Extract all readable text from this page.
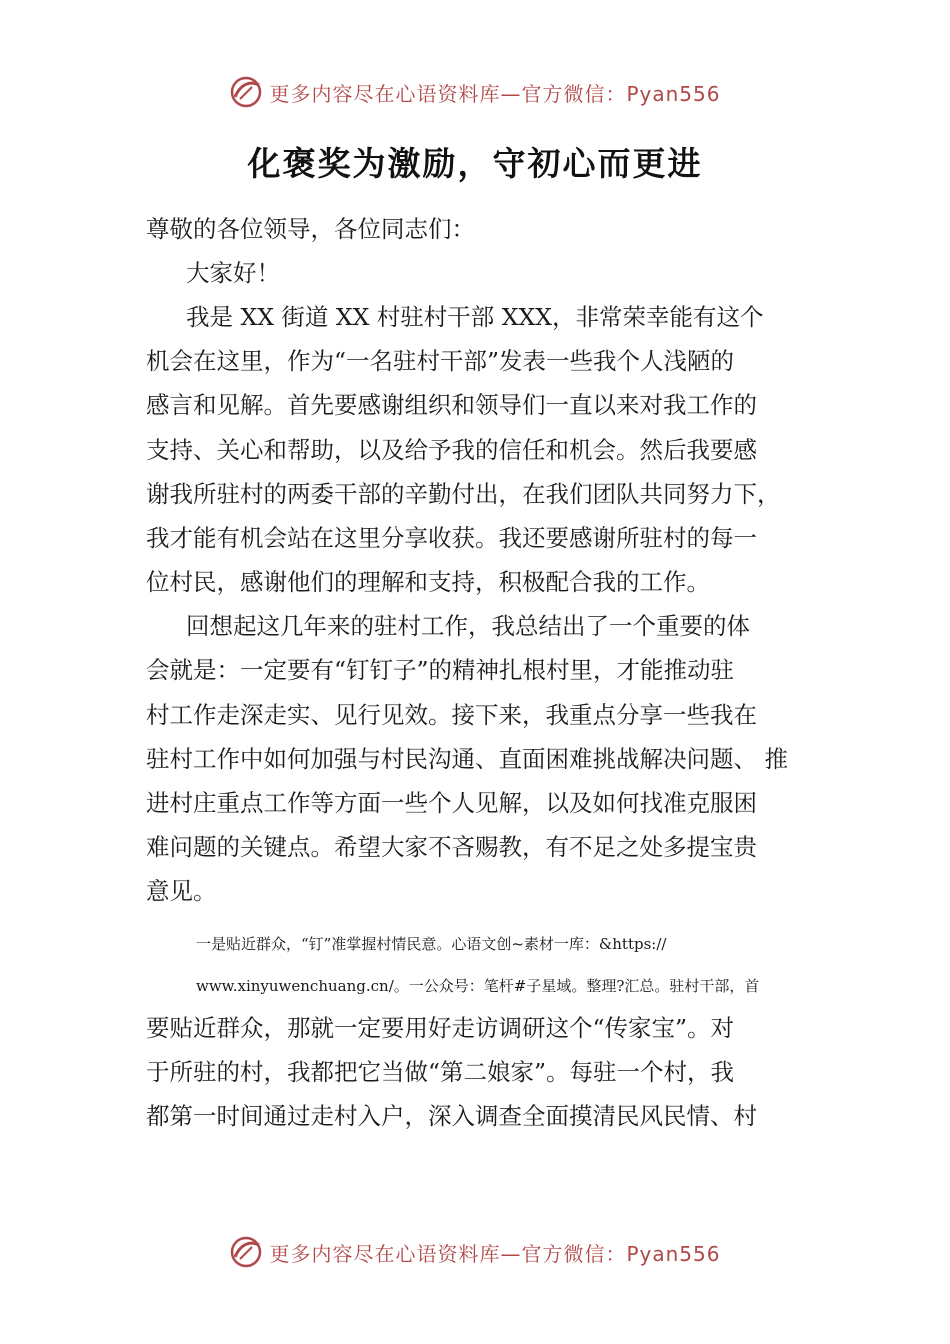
更多内容尽在心语资料库—官方微信：Pyan556
化褒奖为激励，守初心而更进

尊敬的各位领导，各位同志们：

大家好！

我是 XX 街道 XX 村驻村干部 XXX，非常荣幸能有这个

机会在这里，作为“一名驻村干部”发表一些我个人浅陋的

感言和见解。首先要感谢组织和领导们一直以来对我工作的

支持、关心和帮助，以及给予我的信任和机会。然后我要感

谢我所驻村的两委干部的辛勤付出，在我们团队共同努力下，

我才能有机会站在这里分享收获。我还要感谢所驻村的每一

位村民，感谢他们的理解和支持，积极配合我的工作。

回想起这几年来的驻村工作，我总结出了一个重要的体

会就是：一定要有“钉钉子”的精神扎根村里，才能推动驻

村工作走深走实、见行见效。接下来，我重点分享一些我在

驻村工作中如何加强与村民沟通、直面困难挑战解决问题、 推

进村庄重点工作等方面一些个人见解，以及如何找准克服困

难问题的关键点。希望大家不吝赐教，有不足之处多提宝贵

意见。

一是贴近群众，“钉”准掌握村情民意。心语文创~素材一库：&https://

www.xinyuwenchuang.cn/。一公众号：笔杆#子星域。整理?汇总。驻村干部，首

要贴近群众，那就一定要用好走访调研这个“传家宝”。对

于所驻的村，我都把它当做“第二娘家”。每驻一个村，我

都第一时间通过走村入户，深入调查全面摸清民风民情、村

更多内容尽在心语资料库—官方微信：Pyan556
